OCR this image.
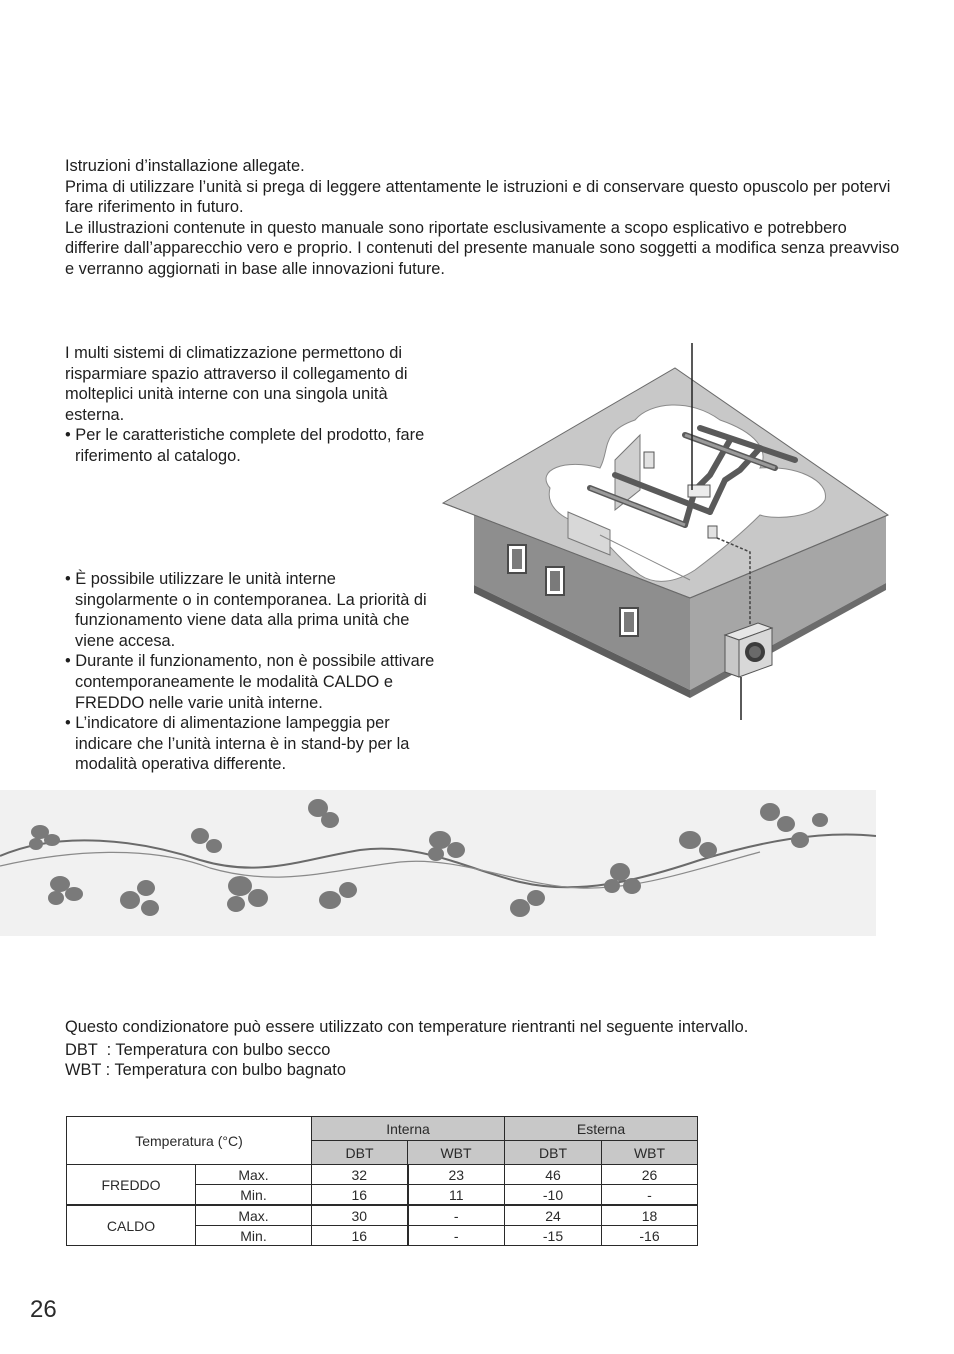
Istruzioni d’installazione allegate.

Prima di utilizzare l’unità si prega di leggere attentamente le istruzioni e di conservare questo opuscolo per potervi fare riferimento in futuro.

Le illustrazioni contenute in questo manuale sono riportate esclusivamente a scopo esplicativo e potrebbero differire dall’apparecchio vero e proprio. I contenuti del presente manuale sono soggetti a modifica senza preavviso e verranno aggiornati in base alle innovazioni future.

I multi sistemi di climatizzazione permettono di risparmiare spazio attraverso il collegamento di molteplici unità interne con una singola unità esterna.

• Per le caratteristiche complete del prodotto, fare riferimento al catalogo.

• È possibile utilizzare le unità interne singolarmente o in contemporanea. La priorità di funzionamento viene data alla prima unità che viene accesa.

• Durante il funzionamento, non è possibile attivare contemporaneamente le modalità CALDO e FREDDO nelle varie unità interne.

• L’indicatore di alimentazione lampeggia per indicare che l’unità interna è in stand-by per la modalità operativa differente.

Questo condizionatore può essere utilizzato con temperature rientranti nel seguente intervallo.
DBT  : Temperatura con bulbo secco
WBT : Temperatura con bulbo bagnato
Temperatura (°C)		Interna		Esterna	
		DBT	WBT	DBT	WBT
FREDDO	Max.	32	23	46	26
	Min.	16	11	-10	-
CALDO	Max.	30	-	24	18
	Min.	16	-	-15	-16
26
